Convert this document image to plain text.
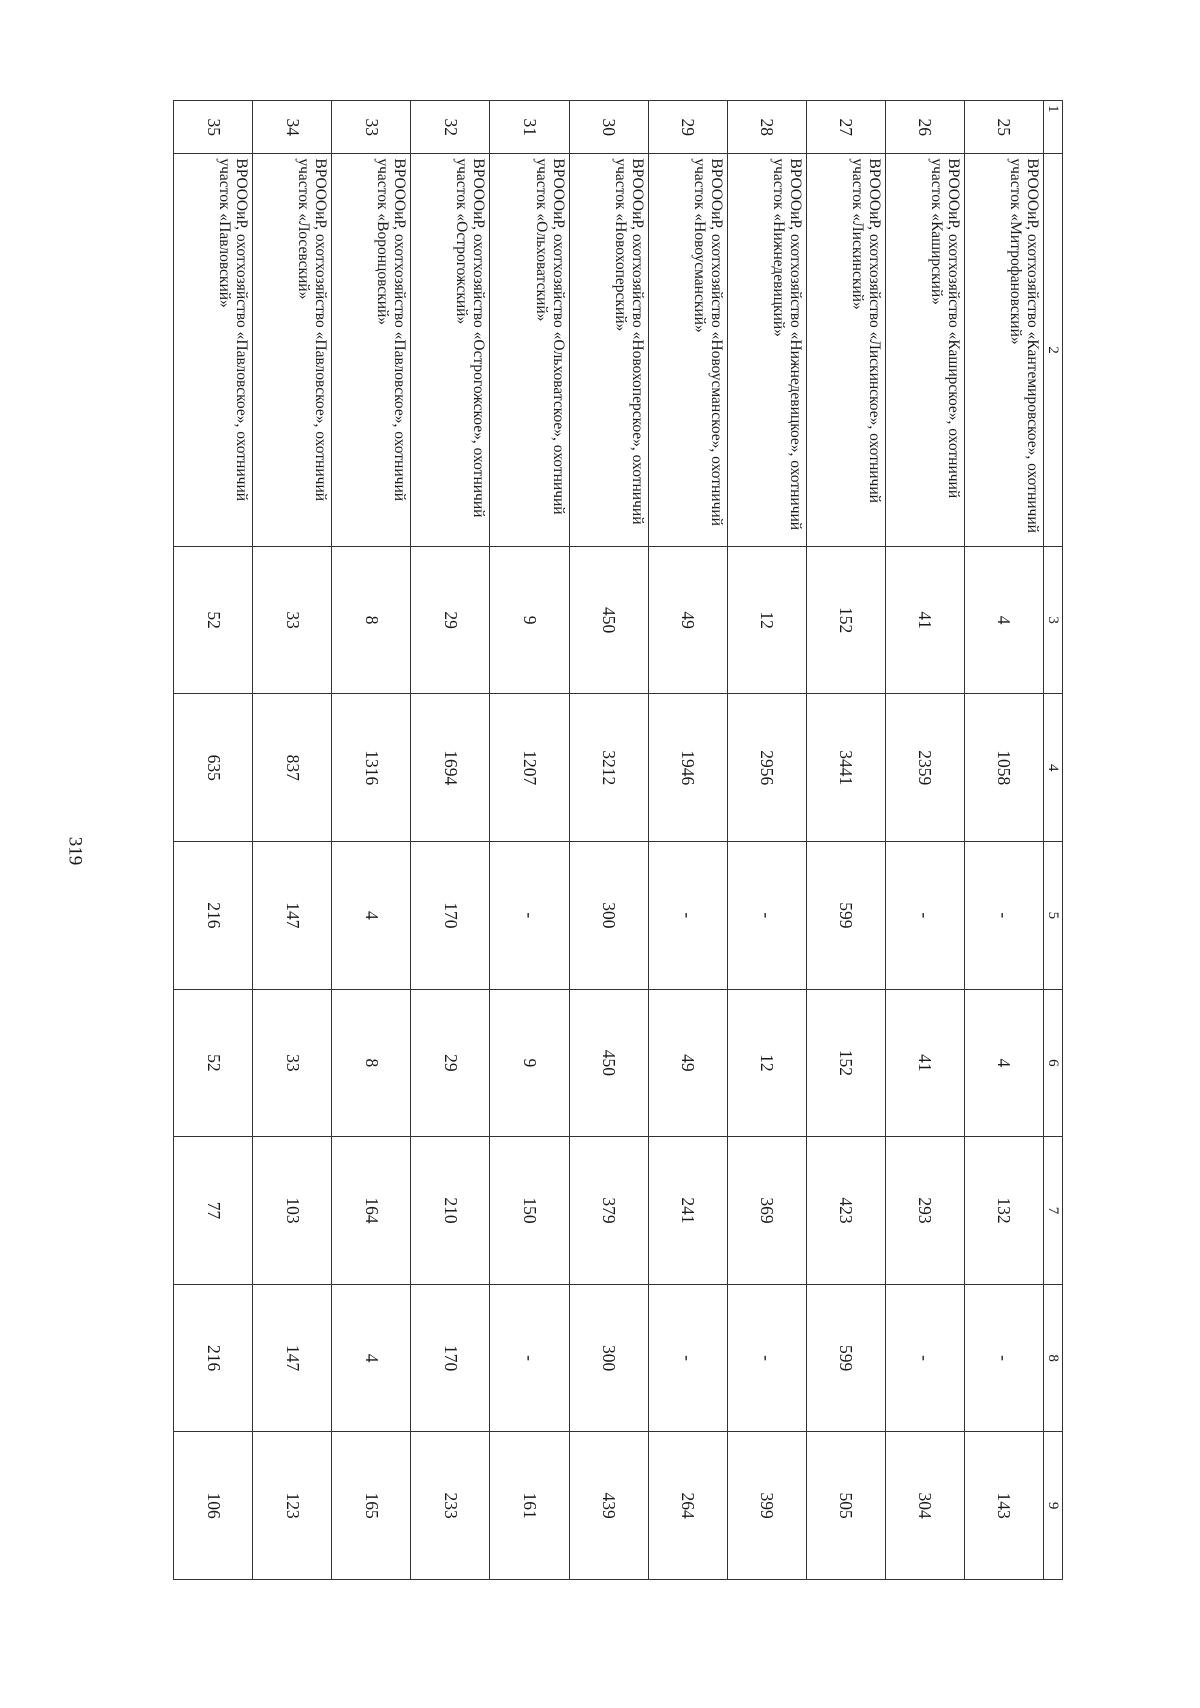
319
1	2	3	4	5	6	7	8	9
25	ВРОООиР, охотхозяйство «Кантемировское», охотничий участок «Митрофановский»	4	1058	-	4	132	-	143
26	ВРОООиР, охотхозяйство «Каширское», охотничий участок «Каширский»	41	2359	-	41	293	-	304
27	ВРОООиР, охотхозяйство «Лискинское», охотничий участок «Лискинский»	152	3441	599	152	423	599	505
28	ВРОООиР, охотхозяйство «Нижнедевицкое», охотничий участок «Нижнедевицкий»	12	2956	-	12	369	-	399
29	ВРОООиР, охотхозяйство «Новоусманское», охотничий участок «Новоусманский»	49	1946	-	49	241	-	264
30	ВРОООиР, охотхозяйство «Новохоперское», охотничий участок «Новохоперский»	450	3212	300	450	379	300	439
31	ВРОООиР, охотхозяйство «Ольховатское», охотничий участок «Ольховатский»	9	1207	-	9	150	-	161
32	ВРОООиР, охотхозяйство «Острогожское», охотничий участок «Острогожский»	29	1694	170	29	210	170	233
33	ВРОООиР, охотхозяйство «Павловское», охотничий участок «Воронцовский»	8	1316	4	8	164	4	165
34	ВРОООиР, охотхозяйство «Павловское», охотничий участок «Лосевский»	33	837	147	33	103	147	123
35	ВРОООиР, охотхозяйство «Павловское», охотничий участок «Павловский»	52	635	216	52	77	216	106
